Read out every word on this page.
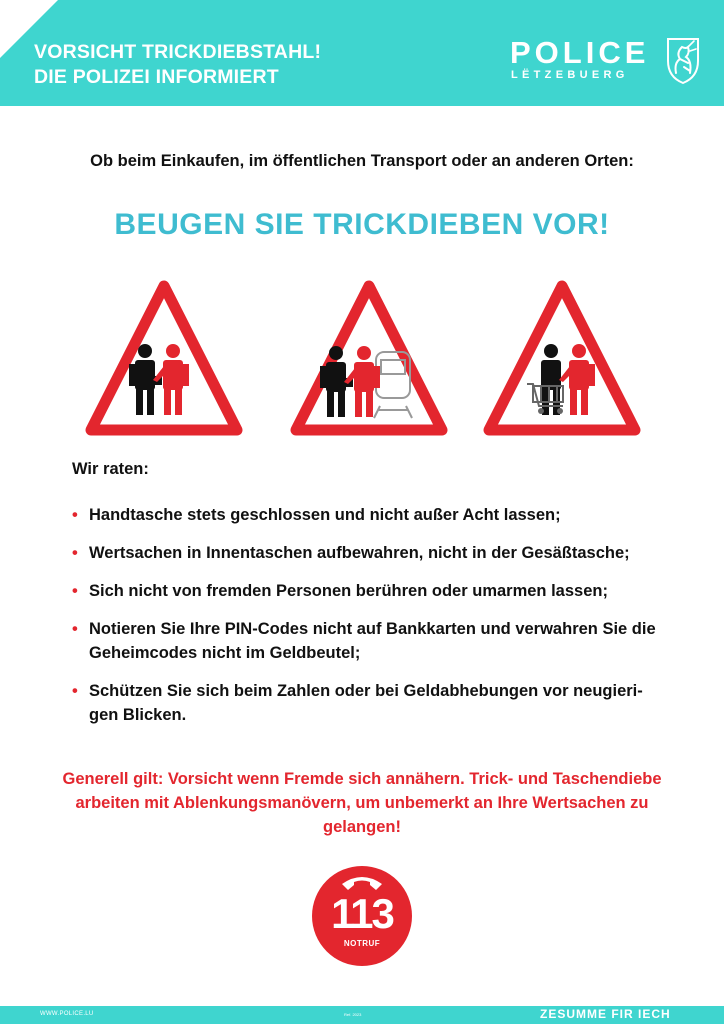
VORSICHT TRICKDIEBSTAHL!
DIE POLIZEI INFORMIERT
POLICE
LËTZEBUERG
Ob beim Einkaufen, im öffentlichen Transport oder an anderen Orten:
BEUGEN SIE TRICKDIEBEN VOR!
Wir raten:
• Handtasche stets geschlossen und nicht außer Acht lassen;
• Wertsachen in Innentaschen aufbewahren, nicht in der Gesäßtasche;
• Sich nicht von fremden Personen berühren oder umarmen lassen;
• Notieren Sie Ihre PIN-Codes nicht auf Bankkarten und verwahren Sie die Geheimcodes nicht im Geldbeutel;
• Schützen Sie sich beim Zahlen oder bei Geldabhebungen vor neugieri-gen Blicken.
Generell gilt: Vorsicht wenn Fremde sich annähern. Trick- und Taschendiebe arbeiten mit Ablenkungsmanövern, um unbemerkt an Ihre Wertsachen zu gelangen!
113
NOTRUF
WWW.POLICE.LU	Ref. 2023	ZESUMME FIR IECH
